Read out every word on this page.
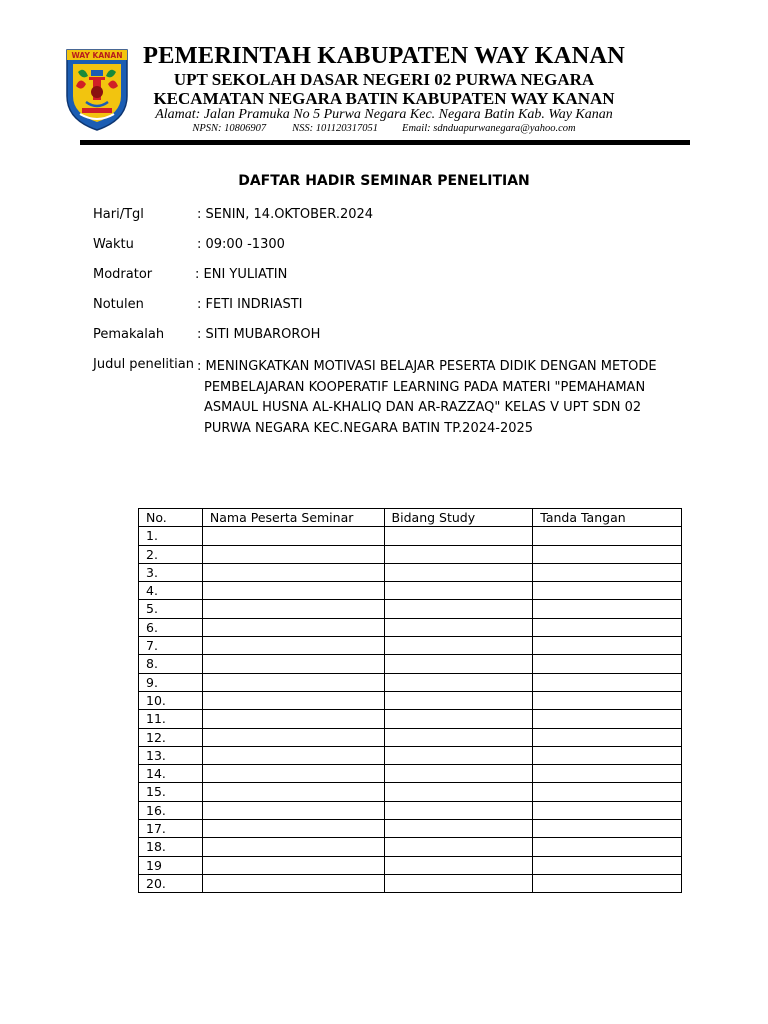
WAY KANAN PEMERINTAH KABUPATEN WAY KANAN
UPT SEKOLAH DASAR NEGERI 02 PURWA NEGARA
KECAMATAN NEGARA BATIN KABUPATEN WAY KANAN
Alamat: Jalan Pramuka No 5 Purwa Negara Kec. Negara Batin Kab. Way Kanan
NPSN: 10806907 NSS: 101120317051 Email: sdnduapurwanegara@yahoo.com
DAFTAR HADIR SEMINAR PENELITIAN
Hari/Tgl	: SENIN, 14.OKTOBER.2024
Waktu	: 09:00 -1300
Modrator	: ENI YULIATIN
Notulen	: FETI INDRIASTI
Pemakalah	: SITI MUBAROROH
Judul penelitian : MENINGKATKAN MOTIVASI BELAJAR PESERTA DIDIK DENGAN METODE
PEMBELAJARAN KOOPERATIF LEARNING PADA MATERI "PEMAHAMAN
ASMAUL HUSNA AL-KHALIQ DAN AR-RAZZAQ" KELAS V UPT SDN 02
PURWA NEGARA KEC.NEGARA BATIN TP.2024-2025
No.	Nama Peserta Seminar	Bidang Study	Tanda Tangan
1.			
2.			
3.			
4.			
5.			
6.			
7.			
8.			
9.			
10.			
11.			
12.			
13.			
14.			
15.			
16.			
17.			
18.			
19			
20.			
